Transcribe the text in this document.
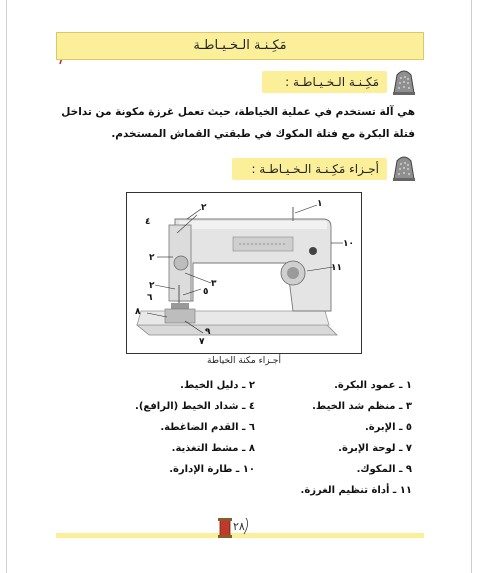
مَكِـنـة الـخـيـاطـة
مَكِـنـة الـخـيـاطـة :
هي آلة تستخدم في عملية الخياطة، حيث تعمل غرزة مكونة من تداخل فتلة البكرة مع فتلة المكوك في طبقتي القماش المستخدم.
أجـزاء مَكِـنـة الـخـيـاطـة :
١
٢
٤
٢
٣
٢
٥
٦
٨
٩
٧
١٠
١١
أجـزاء مكنة الخياطة
١ ـ عمود البكرة.
٣ ـ منظم شد الخيط.
٥ ـ الإبرة.
٧ ـ لوحة الإبرة.
٩ ـ المكوك.
١١ ـ أداة تنظيم الغرزة.
٢ ـ دليل الخيط.
٤ ـ شداد الخيط (الرافع).
٦ ـ القدم الضاغطة.
٨ ـ مشط التغذية.
١٠ ـ طارة الإدارة.
٢٨
